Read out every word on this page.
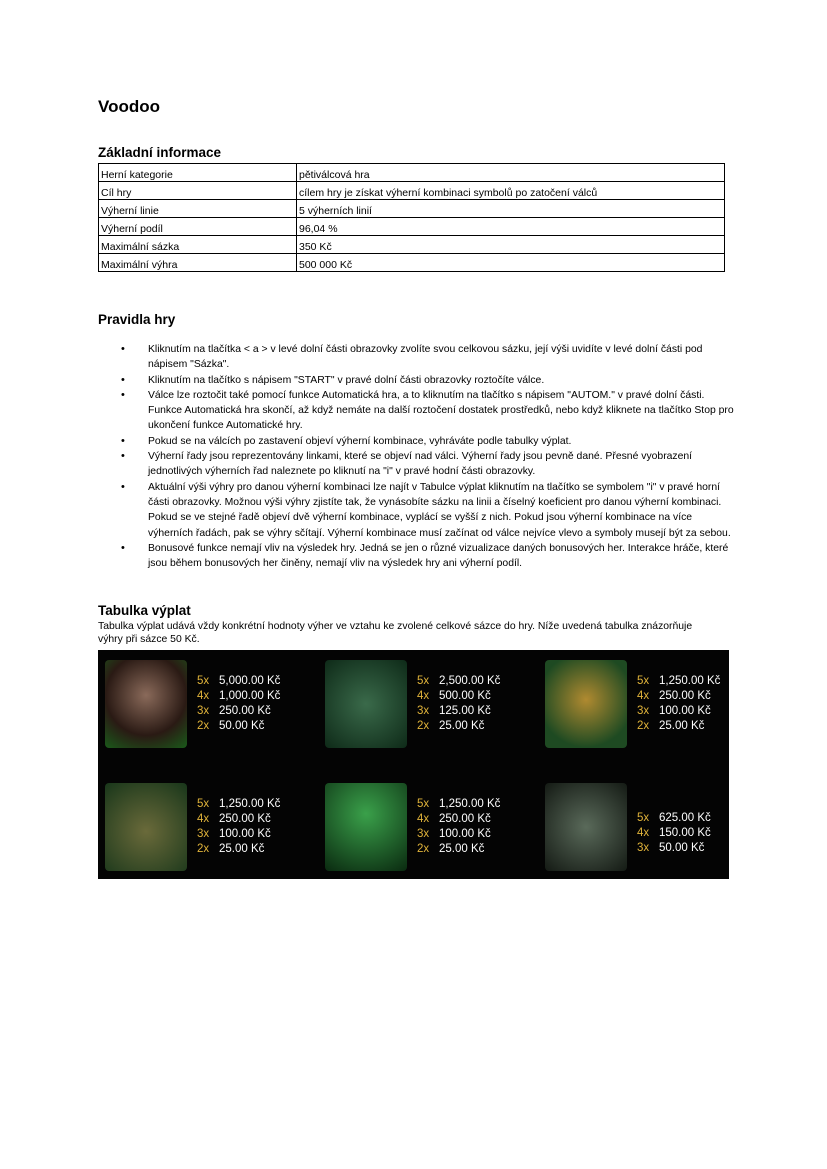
Voodoo
Základní informace
Herní kategorie	pětiválcová hra
Cíl hry	cílem hry je získat výherní kombinaci symbolů po zatočení válců
Výherní linie	5 výherních linií
Výherní podíl	96,04 %
Maximální sázka	350 Kč
Maximální výhra	500 000 Kč
Pravidla hry
• Kliknutím na tlačítka < a > v levé dolní části obrazovky zvolíte svou celkovou sázku, její výši uvidíte v levé dolní části pod nápisem "Sázka".
• Kliknutím na tlačítko s nápisem "START" v pravé dolní části obrazovky roztočíte válce.
• Válce lze roztočit také pomocí funkce Automatická hra, a to kliknutím na tlačítko s nápisem "AUTOM." v pravé dolní části. Funkce Automatická hra skončí, až když nemáte na další roztočení dostatek prostředků, nebo když kliknete na tlačítko Stop pro ukončení funkce Automatické hry.
• Pokud se na válcích po zastavení objeví výherní kombinace, vyhráváte podle tabulky výplat.
• Výherní řady jsou reprezentovány linkami, které se objeví nad válci. Výherní řady jsou pevně dané. Přesné vyobrazení jednotlivých výherních řad naleznete po kliknutí na "i" v pravé hodní části obrazovky.
• Aktuální výši výhry pro danou výherní kombinaci lze najít v Tabulce výplat kliknutím na tlačítko se symbolem "i" v pravé horní části obrazovky. Možnou výši výhry zjistíte tak, že vynásobíte sázku na linii a číselný koeficient pro danou výherní kombinaci. Pokud se ve stejné řadě objeví dvě výherní kombinace, vyplácí se vyšší z nich. Pokud jsou výherní kombinace na více výherních řadách, pak se výhry sčítají. Výherní kombinace musí začínat od válce nejvíce vlevo a symboly musejí být za sebou.
• Bonusové funkce nemají vliv na výsledek hry. Jedná se jen o různé vizualizace daných bonusových her. Interakce hráče, které jsou během bonusových her činěny, nemají vliv na výsledek hry ani výherní podíl.
Tabulka výplat
Tabulka výplat udává vždy konkrétní hodnoty výher ve vztahu ke zvolené celkové sázce do hry. Níže uvedená tabulka znázorňuje výhry při sázce 50 Kč.
5x 5,000.00 Kč
4x 1,000.00 Kč
3x 250.00 Kč
2x 50.00 Kč
5x 2,500.00 Kč
4x 500.00 Kč
3x 125.00 Kč
2x 25.00 Kč
5x 1,250.00 Kč
4x 250.00 Kč
3x 100.00 Kč
2x 25.00 Kč
5x 1,250.00 Kč
4x 250.00 Kč
3x 100.00 Kč
2x 25.00 Kč
5x 1,250.00 Kč
4x 250.00 Kč
3x 100.00 Kč
2x 25.00 Kč
5x 625.00 Kč
4x 150.00 Kč
3x 50.00 Kč
